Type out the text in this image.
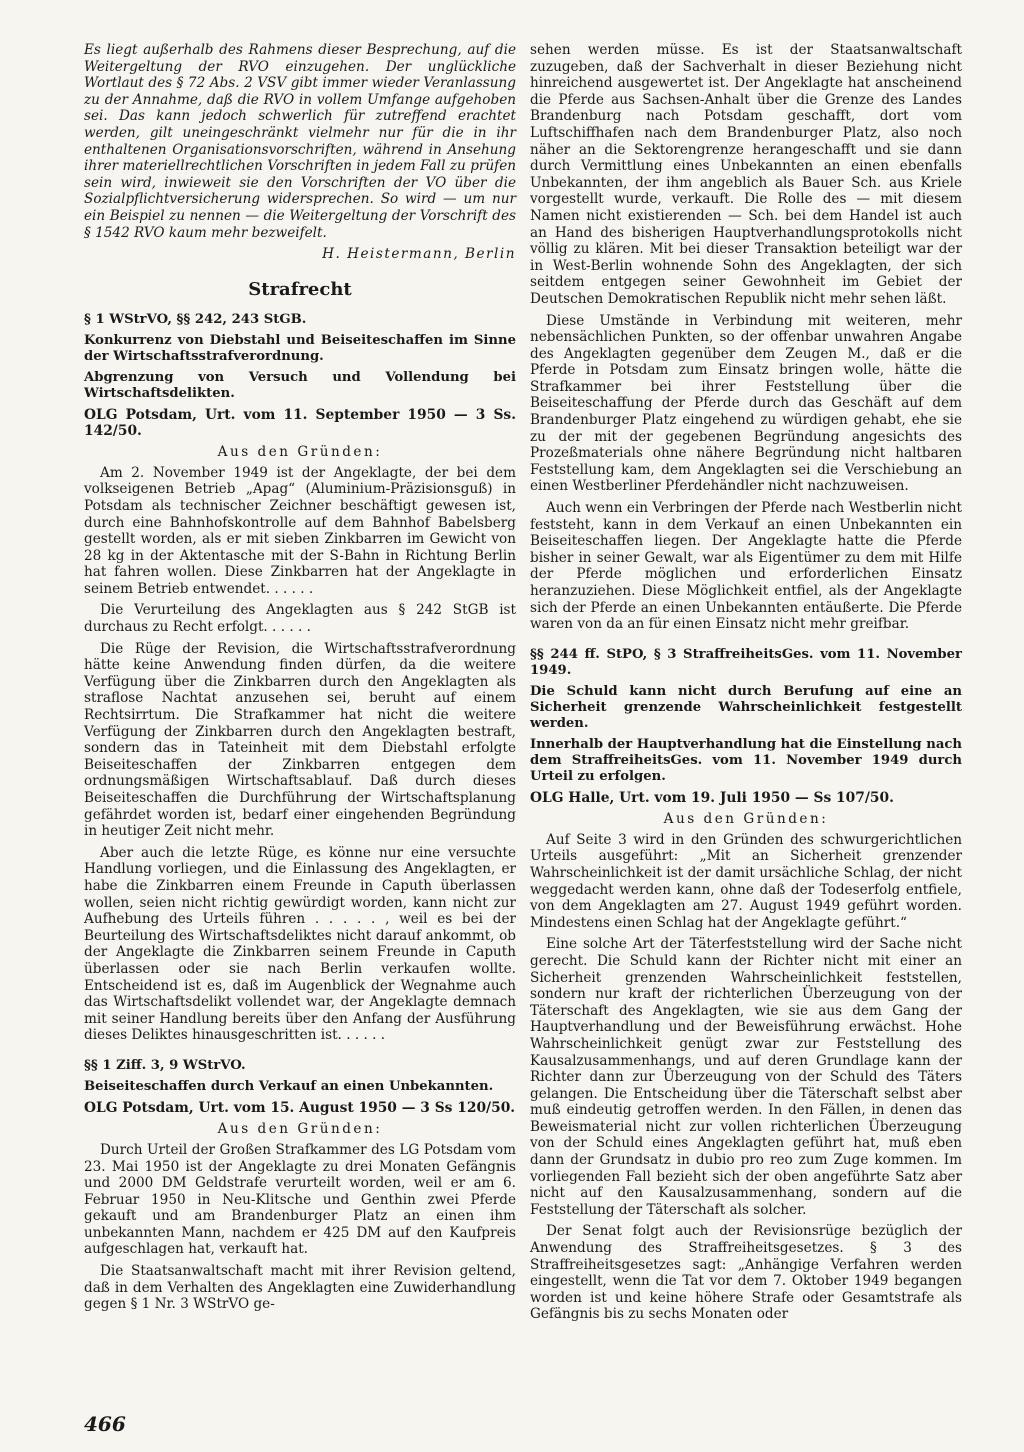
Es liegt außerhalb des Rahmens dieser Besprechung, auf die Weitergeltung der RVO einzugehen. Der unglückliche Wortlaut des § 72 Abs. 2 VSV gibt immer wieder Veranlassung zu der Annahme, daß die RVO in vollem Umfange aufgehoben sei. Das kann jedoch schwerlich für zutreffend erachtet werden, gilt uneingeschränkt vielmehr nur für die in ihr enthaltenen Organisationsvorschriften, während in Ansehung ihrer materiellrechtlichen Vorschriften in jedem Fall zu prüfen sein wird, inwieweit sie den Vorschriften der VO über die Sozialpflichtversicherung widersprechen. So wird — um nur ein Beispiel zu nennen — die Weitergeltung der Vorschrift des § 1542 RVO kaum mehr bezweifelt.

H. Heistermann, Berlin

Strafrecht

§ 1 WStrVO, §§ 242, 243 StGB.

Konkurrenz von Diebstahl und Beiseiteschaffen im Sinne der Wirtschaftsstrafverordnung.

Abgrenzung von Versuch und Vollendung bei Wirtschaftsdelikten.

OLG Potsdam, Urt. vom 11. September 1950 — 3 Ss. 142/50.

Aus den Gründen:

Am 2. November 1949 ist der Angeklagte, der bei dem volkseigenen Betrieb „Apag“ (Aluminium-Präzisionsguß) in Potsdam als technischer Zeichner beschäftigt gewesen ist, durch eine Bahnhofskontrolle auf dem Bahnhof Babelsberg gestellt worden, als er mit sieben Zinkbarren im Gewicht von 28 kg in der Aktentasche mit der S-Bahn in Richtung Berlin hat fahren wollen. Diese Zinkbarren hat der Angeklagte in seinem Betrieb entwendet. . . . . .

Die Verurteilung des Angeklagten aus § 242 StGB ist durchaus zu Recht erfolgt. . . . . .

Die Rüge der Revision, die Wirtschaftsstrafverordnung hätte keine Anwendung finden dürfen, da die weitere Verfügung über die Zinkbarren durch den Angeklagten als straflose Nachtat anzusehen sei, beruht auf einem Rechtsirrtum. Die Strafkammer hat nicht die weitere Verfügung der Zinkbarren durch den Angeklagten bestraft, sondern das in Tateinheit mit dem Diebstahl erfolgte Beiseiteschaffen der Zinkbarren entgegen dem ordnungsmäßigen Wirtschaftsablauf. Daß durch dieses Beiseiteschaffen die Durchführung der Wirtschaftsplanung gefährdet worden ist, bedarf einer eingehenden Begründung in heutiger Zeit nicht mehr.

Aber auch die letzte Rüge, es könne nur eine versuchte Handlung vorliegen, und die Einlassung des Angeklagten, er habe die Zinkbarren einem Freunde in Caputh überlassen wollen, seien nicht richtig gewürdigt worden, kann nicht zur Aufhebung des Urteils führen . . . . . , weil es bei der Beurteilung des Wirtschaftsdeliktes nicht darauf ankommt, ob der Angeklagte die Zinkbarren seinem Freunde in Caputh überlassen oder sie nach Berlin verkaufen wollte. Entscheidend ist es, daß im Augenblick der Wegnahme auch das Wirtschaftsdelikt vollendet war, der Angeklagte demnach mit seiner Handlung bereits über den Anfang der Ausführung dieses Deliktes hinausgeschritten ist. . . . . .

§§ 1 Ziff. 3, 9 WStrVO.

Beiseiteschaffen durch Verkauf an einen Unbekannten.

OLG Potsdam, Urt. vom 15. August 1950 — 3 Ss 120/50.

Aus den Gründen:

Durch Urteil der Großen Strafkammer des LG Potsdam vom 23. Mai 1950 ist der Angeklagte zu drei Monaten Gefängnis und 2000 DM Geldstrafe verurteilt worden, weil er am 6. Februar 1950 in Neu-Klitsche und Genthin zwei Pferde gekauft und am Brandenburger Platz an einen ihm unbekannten Mann, nachdem er 425 DM auf den Kaufpreis aufgeschlagen hat, verkauft hat.

Die Staatsanwaltschaft macht mit ihrer Revision geltend, daß in dem Verhalten des Angeklagten eine Zuwiderhandlung gegen § 1 Nr. 3 WStrVO ge-

sehen werden müsse. Es ist der Staatsanwaltschaft zuzugeben, daß der Sachverhalt in dieser Beziehung nicht hinreichend ausgewertet ist. Der Angeklagte hat anscheinend die Pferde aus Sachsen-Anhalt über die Grenze des Landes Brandenburg nach Potsdam geschafft, dort vom Luftschiffhafen nach dem Brandenburger Platz, also noch näher an die Sektorengrenze herangeschafft und sie dann durch Vermittlung eines Unbekannten an einen ebenfalls Unbekannten, der ihm angeblich als Bauer Sch. aus Kriele vorgestellt wurde, verkauft. Die Rolle des — mit diesem Namen nicht existierenden — Sch. bei dem Handel ist auch an Hand des bisherigen Hauptverhandlungsprotokolls nicht völlig zu klären. Mit bei dieser Transaktion beteiligt war der in West-Berlin wohnende Sohn des Angeklagten, der sich seitdem entgegen seiner Gewohnheit im Gebiet der Deutschen Demokratischen Republik nicht mehr sehen läßt.

Diese Umstände in Verbindung mit weiteren, mehr nebensächlichen Punkten, so der offenbar unwahren Angabe des Angeklagten gegenüber dem Zeugen M., daß er die Pferde in Potsdam zum Einsatz bringen wolle, hätte die Strafkammer bei ihrer Feststellung über die Beiseiteschaffung der Pferde durch das Geschäft auf dem Brandenburger Platz eingehend zu würdigen gehabt, ehe sie zu der mit der gegebenen Begründung angesichts des Prozeßmaterials ohne nähere Begründung nicht haltbaren Feststellung kam, dem Angeklagten sei die Verschiebung an einen Westberliner Pferdehändler nicht nachzuweisen.

Auch wenn ein Verbringen der Pferde nach Westberlin nicht feststeht, kann in dem Verkauf an einen Unbekannten ein Beiseiteschaffen liegen. Der Angeklagte hatte die Pferde bisher in seiner Gewalt, war als Eigentümer zu dem mit Hilfe der Pferde möglichen und erforderlichen Einsatz heranzuziehen. Diese Möglichkeit entfiel, als der Angeklagte sich der Pferde an einen Unbekannten entäußerte. Die Pferde waren von da an für einen Einsatz nicht mehr greifbar.

§§ 244 ff. StPO, § 3 StraffreiheitsGes. vom 11. November 1949.

Die Schuld kann nicht durch Berufung auf eine an Sicherheit grenzende Wahrscheinlichkeit festgestellt werden.

Innerhalb der Hauptverhandlung hat die Einstellung nach dem StraffreiheitsGes. vom 11. November 1949 durch Urteil zu erfolgen.

OLG Halle, Urt. vom 19. Juli 1950 — Ss 107/50.

Aus den Gründen:

Auf Seite 3 wird in den Gründen des schwurgerichtlichen Urteils ausgeführt: „Mit an Sicherheit grenzender Wahrscheinlichkeit ist der damit ursächliche Schlag, der nicht weggedacht werden kann, ohne daß der Todeserfolg entfiele, von dem Angeklagten am 27. August 1949 geführt worden. Mindestens einen Schlag hat der Angeklagte geführt.“

Eine solche Art der Täterfeststellung wird der Sache nicht gerecht. Die Schuld kann der Richter nicht mit einer an Sicherheit grenzenden Wahrscheinlichkeit feststellen, sondern nur kraft der richterlichen Überzeugung von der Täterschaft des Angeklagten, wie sie aus dem Gang der Hauptverhandlung und der Beweisführung erwächst. Hohe Wahrscheinlichkeit genügt zwar zur Feststellung des Kausalzusammenhangs, und auf deren Grundlage kann der Richter dann zur Überzeugung von der Schuld des Täters gelangen. Die Entscheidung über die Täterschaft selbst aber muß eindeutig getroffen werden. In den Fällen, in denen das Beweismaterial nicht zur vollen richterlichen Überzeugung von der Schuld eines Angeklagten geführt hat, muß eben dann der Grundsatz in dubio pro reo zum Zuge kommen. Im vorliegenden Fall bezieht sich der oben angeführte Satz aber nicht auf den Kausalzusammenhang, sondern auf die Feststellung der Täterschaft als solcher.

Der Senat folgt auch der Revisionsrüge bezüglich der Anwendung des Straffreiheitsgesetzes. § 3 des Straffreiheitsgesetzes sagt: „Anhängige Verfahren werden eingestellt, wenn die Tat vor dem 7. Oktober 1949 begangen worden ist und keine höhere Strafe oder Gesamtstrafe als Gefängnis bis zu sechs Monaten oder

466
